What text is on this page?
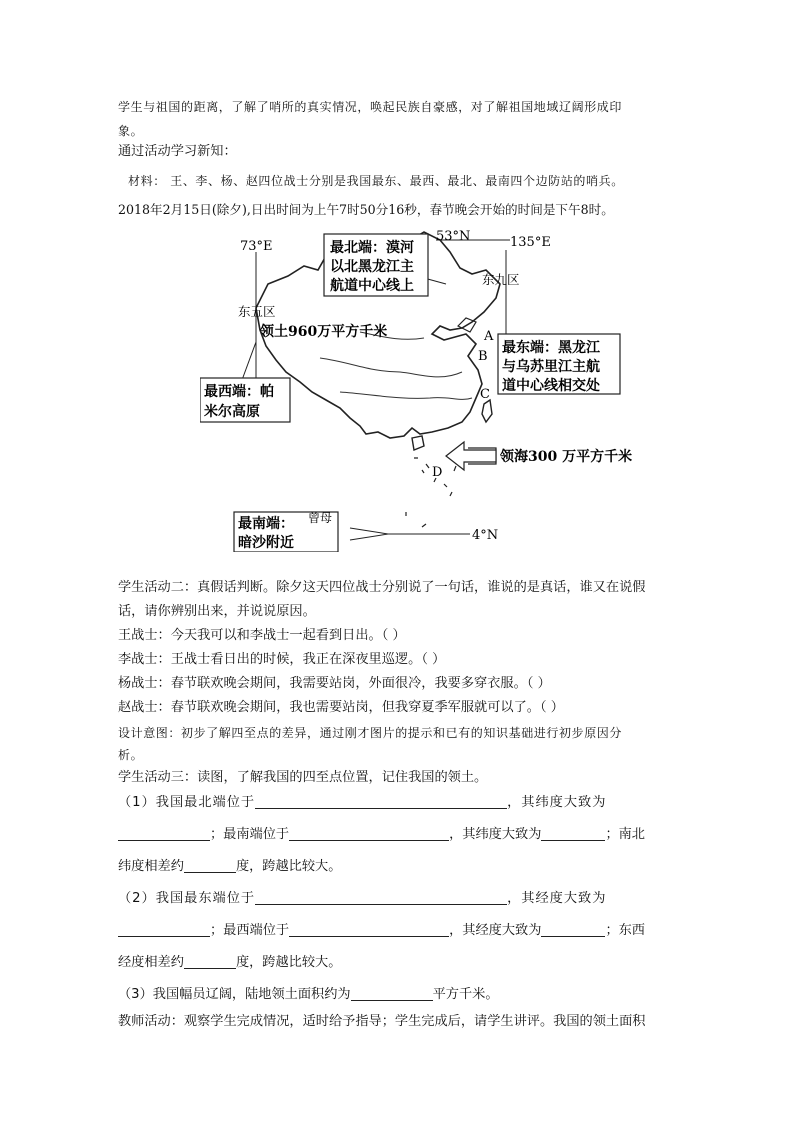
学生与祖国的距离，了解了哨所的真实情况，唤起民族自豪感，对了解祖国地域辽阔形成印
象。
通过活动学习新知：
材料： 王、李、杨、赵四位战士分别是我国最东、最西、最北、最南四个边防站的哨兵。
2018年2月15日(除夕),日出时间为上午7时50分16秒，春节晚会开始的时间是下午8时。
73°E	135°E
53°N
4°N
东五区
东九区
A
B
C
D
领土960万平方千米
最北端：漠河
以北黑龙江主
航道中心线上
最东端：黑龙江
与乌苏里江主航
道中心线相交处
最西端：帕
米尔高原
领海300 万平方千米
最南端：
暗沙附近
曾母
学生活动二：真假话判断。除夕这天四位战士分别说了一句话，谁说的是真话，谁又在说假
话，请你辨别出来，并说说原因。
王战士：今天我可以和李战士一起看到日出。（ ）
李战士：王战士看日出的时候，我正在深夜里巡逻。（ ）
杨战士：春节联欢晚会期间，我需要站岗，外面很冷，我要多穿衣服。（ ）
赵战士：春节联欢晚会期间，我也需要站岗，但我穿夏季军服就可以了。（ ）
设计意图：初步了解四至点的差异，通过刚才图片的提示和已有的知识基础进行初步原因分
析。
学生活动三：读图，了解我国的四至点位置，记住我国的领土。
（1）我国最北端位于	，其纬度大致为
；最南端位于	，其纬度大致为	；南北
纬度相差约	度，跨越比较大。
（2）我国最东端位于	，其经度大致为
；最西端位于	，其经度大致为	；东西
经度相差约	度，跨越比较大。
（3）我国幅员辽阔，陆地领土面积约为	平方千米。
教师活动：观察学生完成情况，适时给予指导；学生完成后，请学生讲评。我国的领土面积
